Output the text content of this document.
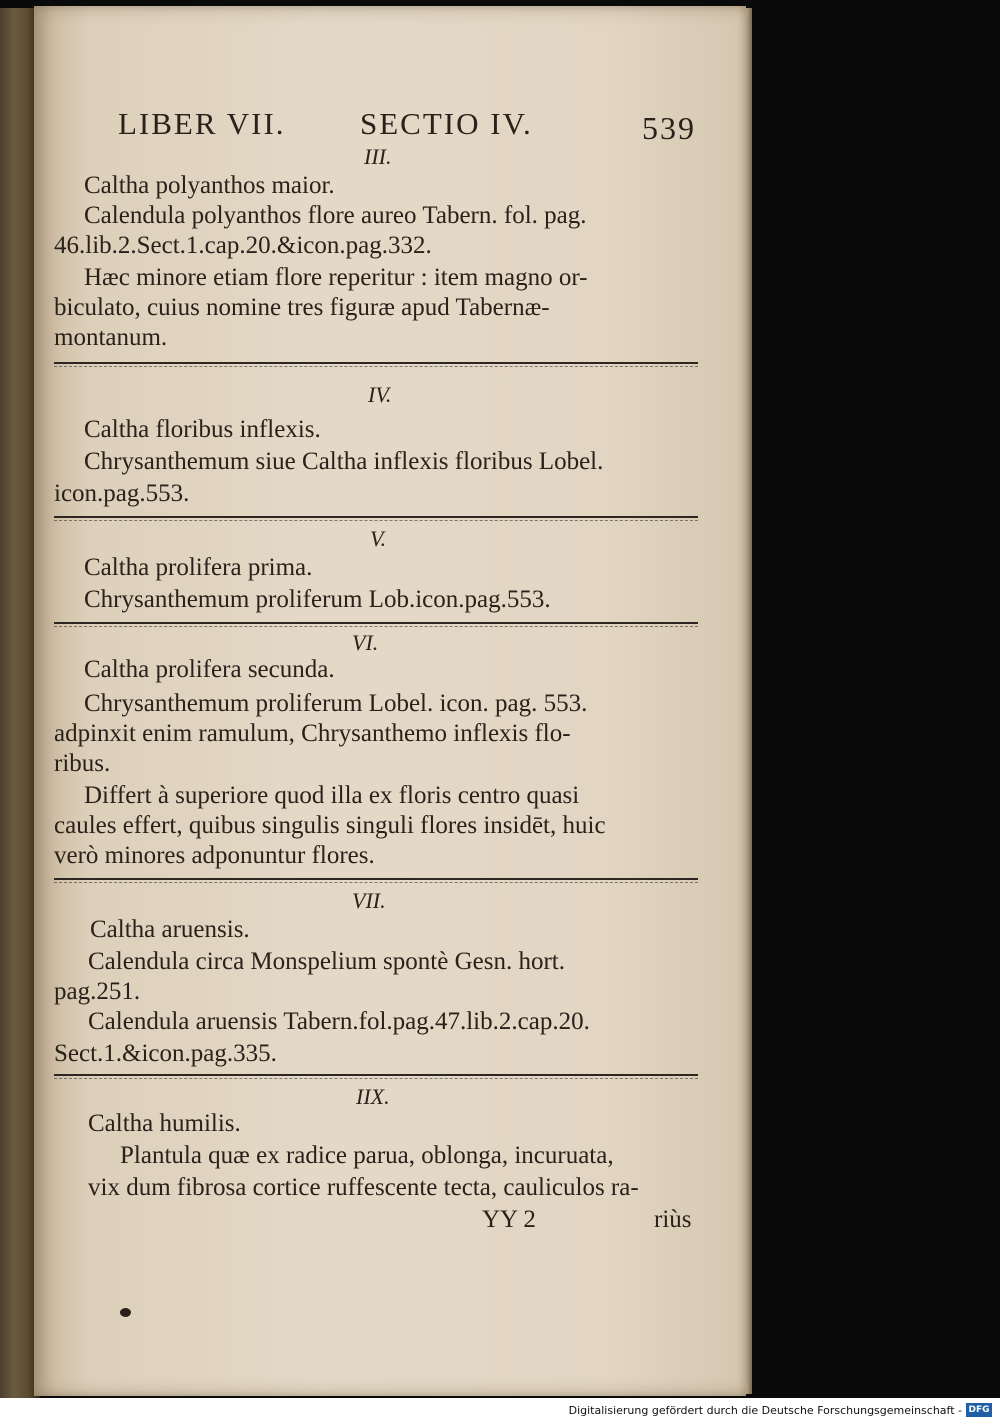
LIBER VII. SECTIO IV.	539
III.
Caltha polyanthos maior.
Calendula polyanthos flore aureo Tabern. fol. pag.
46.lib.2.Sect.1.cap.20.&icon.pag.332.
Hæc minore etiam flore reperitur : item magno or-
biculato, cuius nomine tres figuræ apud Tabernæ-
montanum.
IV.
Caltha floribus inflexis.
Chrysanthemum siue Caltha inflexis floribus Lobel.
icon.pag.553.
V.
Caltha prolifera prima.
Chrysanthemum proliferum Lob.icon.pag.553.
VI.
Caltha prolifera secunda.
Chrysanthemum proliferum Lobel. icon. pag. 553.
adpinxit enim ramulum, Chrysanthemo inflexis flo-
ribus.
Differt à superiore quod illa ex floris centro quasi
caules effert, quibus singulis singuli flores insidēt, huic
verò minores adponuntur flores.
VII.
Caltha aruensis.
Calendula circa Monspelium spontè Gesn. hort.
pag.251.
Calendula aruensis Tabern.fol.pag.47.lib.2.cap.20.
Sect.1.&icon.pag.335.
IIX.
Caltha humilis.
Plantula quæ ex radice parua, oblonga, incuruata,
vix dum fibrosa cortice ruffescente tecta, cauliculos ra-
YY 2	riùs
Digitalisierung gefördert durch die Deutsche Forschungsgemeinschaft - DFG
